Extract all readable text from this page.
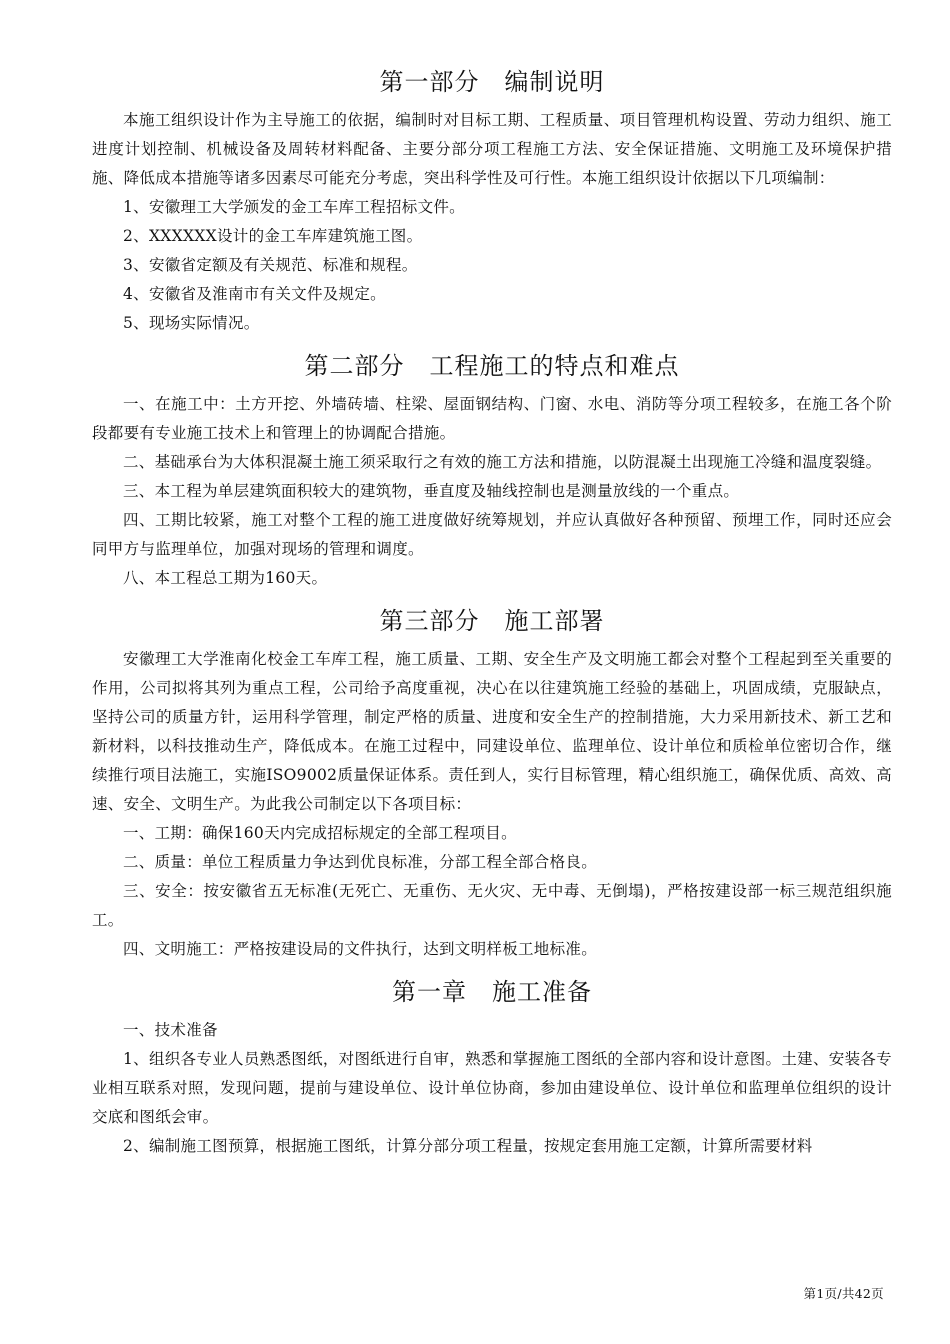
第一部分　编制说明

本施工组织设计作为主导施工的依据，编制时对目标工期、工程质量、项目管理机构设置、劳动力组织、施工进度计划控制、机械设备及周转材料配备、主要分部分项工程施工方法、安全保证措施、文明施工及环境保护措施、降低成本措施等诸多因素尽可能充分考虑，突出科学性及可行性。本施工组织设计依据以下几项编制：

1、安徽理工大学颁发的金工车库工程招标文件。

2、XXXXXX设计的金工车库建筑施工图。

3、安徽省定额及有关规范、标准和规程。

4、安徽省及淮南市有关文件及规定。

5、现场实际情况。

第二部分　工程施工的特点和难点

一、在施工中：土方开挖、外墙砖墙、柱梁、屋面钢结构、门窗、水电、消防等分项工程较多，在施工各个阶段都要有专业施工技术上和管理上的协调配合措施。

二、基础承台为大体积混凝土施工须采取行之有效的施工方法和措施，以防混凝土出现施工冷缝和温度裂缝。

三、本工程为单层建筑面积较大的建筑物，垂直度及轴线控制也是测量放线的一个重点。

四、工期比较紧，施工对整个工程的施工进度做好统筹规划，并应认真做好各种预留、预埋工作，同时还应会同甲方与监理单位，加强对现场的管理和调度。

八、本工程总工期为160天。

第三部分　施工部署

安徽理工大学淮南化校金工车库工程，施工质量、工期、安全生产及文明施工都会对整个工程起到至关重要的作用，公司拟将其列为重点工程，公司给予高度重视，决心在以往建筑施工经验的基础上，巩固成绩，克服缺点，坚持公司的质量方针，运用科学管理，制定严格的质量、进度和安全生产的控制措施，大力采用新技术、新工艺和新材料，以科技推动生产，降低成本。在施工过程中，同建设单位、监理单位、设计单位和质检单位密切合作，继续推行项目法施工，实施ISO9002质量保证体系。责任到人，实行目标管理，精心组织施工，确保优质、高效、高速、安全、文明生产。为此我公司制定以下各项目标：

一、工期：确保160天内完成招标规定的全部工程项目。

二、质量：单位工程质量力争达到优良标准，分部工程全部合格良。

三、安全：按安徽省五无标准(无死亡、无重伤、无火灾、无中毒、无倒塌)，严格按建设部一标三规范组织施工。

四、文明施工：严格按建设局的文件执行，达到文明样板工地标准。

第一章　施工准备

一、技术准备

1、组织各专业人员熟悉图纸，对图纸进行自审，熟悉和掌握施工图纸的全部内容和设计意图。土建、安装各专业相互联系对照，发现问题，提前与建设单位、设计单位协商，参加由建设单位、设计单位和监理单位组织的设计交底和图纸会审。

2、编制施工图预算，根据施工图纸，计算分部分项工程量，按规定套用施工定额，计算所需要材料

第1页/共42页
